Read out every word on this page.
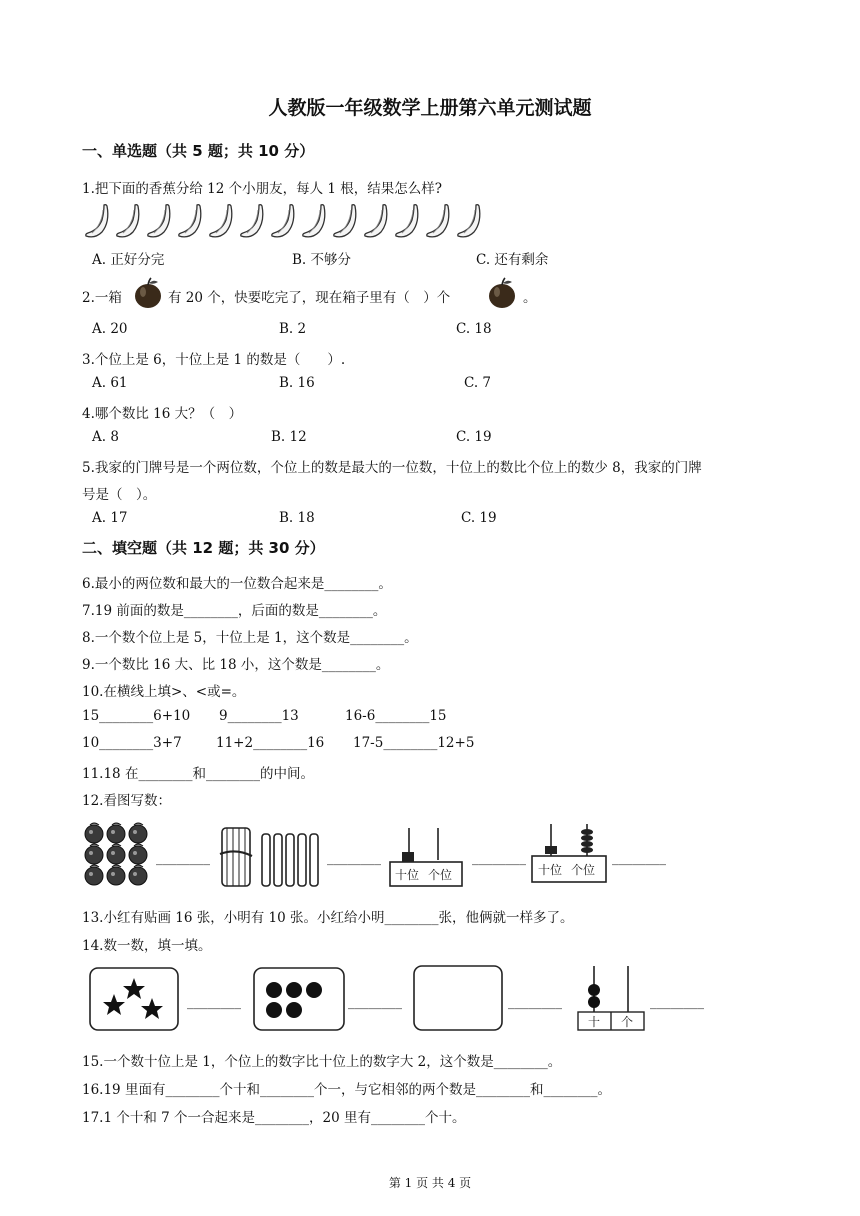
人教版一年级数学上册第六单元测试题
一、单选题（共 5 题；共 10 分）
1.把下面的香蕉分给 12 个小朋友，每人 1 根，结果怎么样?
A. 正好分完	B. 不够分	C. 还有剩余
2.一箱	有 20 个，快要吃完了，现在箱子里有（　）个	。
A. 20	B. 2	C. 18
3.个位上是 6，十位上是 1 的数是（　　）.
A. 61	B. 16	C. 7
4.哪个数比 16 大？（　）
A. 8	B. 12	C. 19
5.我家的门牌号是一个两位数，个位上的数是最大的一位数，十位上的数比个位上的数少 8，我家的门牌
号是（　）。
A. 17	B. 18	C. 19
二、填空题（共 12 题；共 30 分）
6.最小的两位数和最大的一位数合起来是________。
7.19 前面的数是________，后面的数是________。
8.一个数个位上是 5，十位上是 1，这个数是________。
9.一个数比 16 大、比 18 小，这个数是________。
10.在横线上填>、<或=。
15________6+10 9________13	16-6________15
10________3+7	11+2________16 17-5________12+5
11.18 在________和________的中间。
12.看图写数：
十位 个位	十位 个位
________	________	________	________
13.小红有贴画 16 张，小明有 10 张。小红给小明________张，他俩就一样多了。
14.数一数，填一填。
十 个
________	________	________	________
15.一个数十位上是 1，个位上的数字比十位上的数字大 2，这个数是________。
16.19 里面有________个十和________个一，与它相邻的两个数是________和________。
17.1 个十和 7 个一合起来是________，20 里有________个十。
第 1 页 共 4 页
